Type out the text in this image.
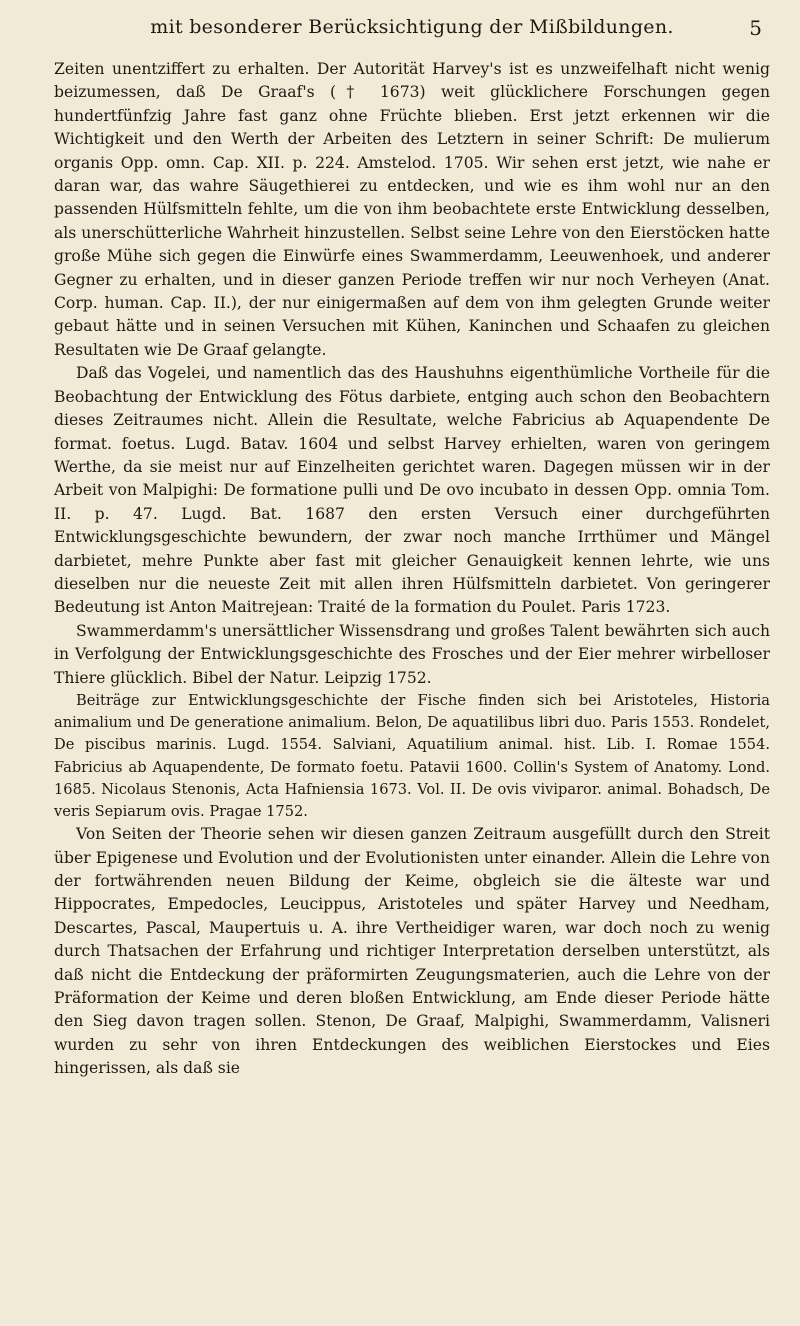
mit besonderer Berücksichtigung der Mißbildungen.	5

Zeiten unentziffert zu erhalten. Der Autorität Harvey's ist es unzweifelhaft nicht wenig beizumessen, daß De Graaf's († 1673) weit glücklichere Forschungen gegen hundertfünfzig Jahre fast ganz ohne Früchte blieben. Erst jetzt erkennen wir die Wichtigkeit und den Werth der Arbeiten des Letztern in seiner Schrift: De mulierum organis Opp. omn. Cap. XII. p. 224. Amstelod. 1705. Wir sehen erst jetzt, wie nahe er daran war, das wahre Säugethierei zu entdecken, und wie es ihm wohl nur an den passenden Hülfsmitteln fehlte, um die von ihm beobachtete erste Entwicklung desselben, als unerschütterliche Wahrheit hinzustellen. Selbst seine Lehre von den Eierstöcken hatte große Mühe sich gegen die Einwürfe eines Swammerdamm, Leeuwenhoek, und anderer Gegner zu erhalten, und in dieser ganzen Periode treffen wir nur noch Verheyen (Anat. Corp. human. Cap. II.), der nur einigermaßen auf dem von ihm gelegten Grunde weiter gebaut hätte und in seinen Versuchen mit Kühen, Kaninchen und Schaafen zu gleichen Resultaten wie De Graaf gelangte.

Daß das Vogelei, und namentlich das des Haushuhns eigenthümliche Vortheile für die Beobachtung der Entwicklung des Fötus darbiete, entging auch schon den Beobachtern dieses Zeitraumes nicht. Allein die Resultate, welche Fabricius ab Aquapendente De format. foetus. Lugd. Batav. 1604 und selbst Harvey erhielten, waren von geringem Werthe, da sie meist nur auf Einzelheiten gerichtet waren. Dagegen müssen wir in der Arbeit von Malpighi: De formatione pulli und De ovo incubato in dessen Opp. omnia Tom. II. p. 47. Lugd. Bat. 1687 den ersten Versuch einer durchgeführten Entwicklungsgeschichte bewundern, der zwar noch manche Irrthümer und Mängel darbietet, mehre Punkte aber fast mit gleicher Genauigkeit kennen lehrte, wie uns dieselben nur die neueste Zeit mit allen ihren Hülfsmitteln darbietet. Von geringerer Bedeutung ist Anton Maitrejean: Traité de la formation du Poulet. Paris 1723.

Swammerdamm's unersättlicher Wissensdrang und großes Talent bewährten sich auch in Verfolgung der Entwicklungsgeschichte des Frosches und der Eier mehrer wirbelloser Thiere glücklich. Bibel der Natur. Leipzig 1752.

Beiträge zur Entwicklungsgeschichte der Fische finden sich bei Aristoteles, Historia animalium und De generatione animalium. Belon, De aquatilibus libri duo. Paris 1553. Rondelet, De piscibus marinis. Lugd. 1554. Salviani, Aquatilium animal. hist. Lib. I. Romae 1554. Fabricius ab Aquapendente, De formato foetu. Patavii 1600. Collin's System of Anatomy. Lond. 1685. Nicolaus Stenonis, Acta Hafniensia 1673. Vol. II. De ovis viviparor. animal. Bohadsch, De veris Sepiarum ovis. Pragae 1752.

Von Seiten der Theorie sehen wir diesen ganzen Zeitraum ausgefüllt durch den Streit über Epigenese und Evolution und der Evolutionisten unter einander. Allein die Lehre von der fortwährenden neuen Bildung der Keime, obgleich sie die älteste war und Hippocrates, Empedocles, Leucippus, Aristoteles und später Harvey und Needham, Descartes, Pascal, Maupertuis u. A. ihre Vertheidiger waren, war doch noch zu wenig durch Thatsachen der Erfahrung und richtiger Interpretation derselben unterstützt, als daß nicht die Entdeckung der präformirten Zeugungsmaterien, auch die Lehre von der Präformation der Keime und deren bloßen Entwicklung, am Ende dieser Periode hätte den Sieg davon tragen sollen. Stenon, De Graaf, Malpighi, Swammerdamm, Valisneri wurden zu sehr von ihren Entdeckungen des weiblichen Eierstockes und Eies hingerissen, als daß sie
